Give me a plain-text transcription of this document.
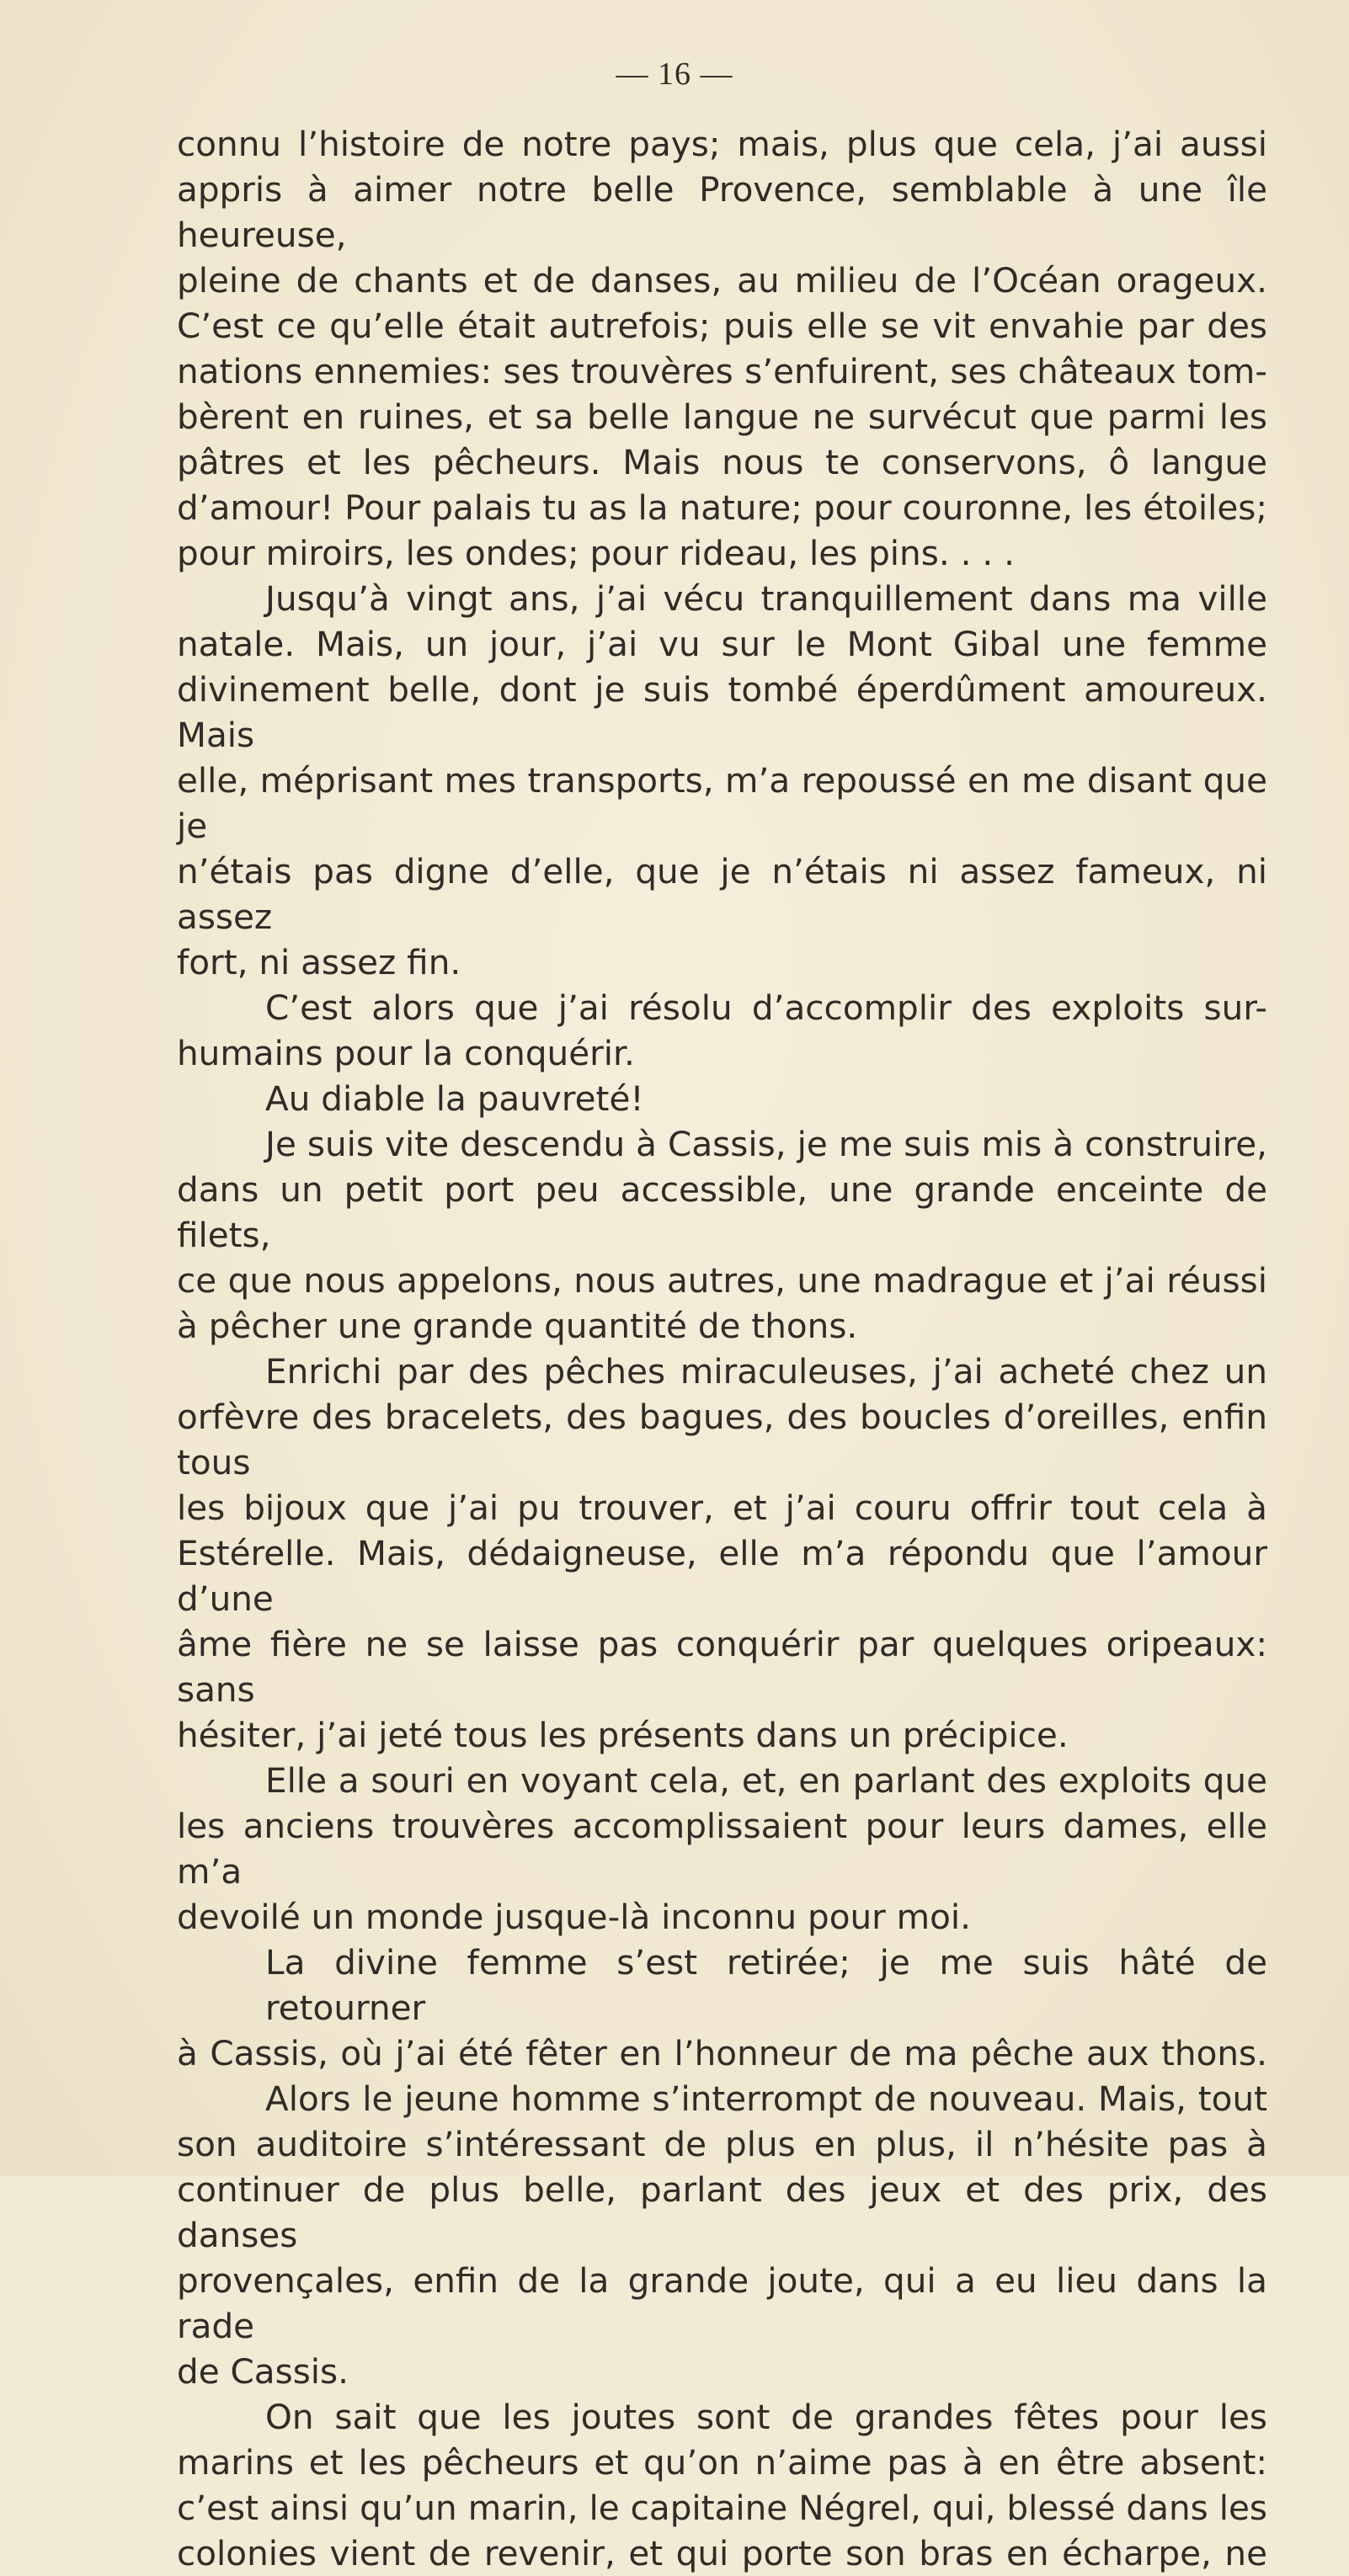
— 16 —
connu l’histoire de notre pays; mais, plus que cela, j’ai aussi
appris à aimer notre belle Provence, semblable à une île heureuse,
pleine de chants et de danses, au milieu de l’Océan orageux.
C’est ce qu’elle était autrefois; puis elle se vit envahie par des
nations ennemies: ses trouvères s’enfuirent, ses châteaux tom-
bèrent en ruines, et sa belle langue ne survécut que parmi les
pâtres et les pêcheurs. Mais nous te conservons, ô langue
d’amour! Pour palais tu as la nature; pour couronne, les étoiles;
pour miroirs, les ondes; pour rideau, les pins. . . .
Jusqu’à vingt ans, j’ai vécu tranquillement dans ma ville
natale. Mais, un jour, j’ai vu sur le Mont Gibal une femme
divinement belle, dont je suis tombé éperdûment amoureux. Mais
elle, méprisant mes transports, m’a repoussé en me disant que je
n’étais pas digne d’elle, que je n’étais ni assez fameux, ni assez
fort, ni assez fin.
C’est alors que j’ai résolu d’accomplir des exploits sur-
humains pour la conquérir.
Au diable la pauvreté!
Je suis vite descendu à Cassis, je me suis mis à construire,
dans un petit port peu accessible, une grande enceinte de filets,
ce que nous appelons, nous autres, une madrague et j’ai réussi
à pêcher une grande quantité de thons.
Enrichi par des pêches miraculeuses, j’ai acheté chez un
orfèvre des bracelets, des bagues, des boucles d’oreilles, enfin tous
les bijoux que j’ai pu trouver, et j’ai couru offrir tout cela à
Estérelle. Mais, dédaigneuse, elle m’a répondu que l’amour d’une
âme fière ne se laisse pas conquérir par quelques oripeaux: sans
hésiter, j’ai jeté tous les présents dans un précipice.
Elle a souri en voyant cela, et, en parlant des exploits que
les anciens trouvères accomplissaient pour leurs dames, elle m’a
devoilé un monde jusque-là inconnu pour moi.
La divine femme s’est retirée; je me suis hâté de retourner
à Cassis, où j’ai été fêter en l’honneur de ma pêche aux thons.
Alors le jeune homme s’interrompt de nouveau. Mais, tout
son auditoire s’intéressant de plus en plus, il n’hésite pas à
continuer de plus belle, parlant des jeux et des prix, des danses
provençales, enfin de la grande joute, qui a eu lieu dans la rade
de Cassis.
On sait que les joutes sont de grandes fêtes pour les
marins et les pêcheurs et qu’on n’aime pas à en être absent:
c’est ainsi qu’un marin, le capitaine Négrel, qui, blessé dans les
colonies vient de revenir, et qui porte son bras en écharpe, ne
